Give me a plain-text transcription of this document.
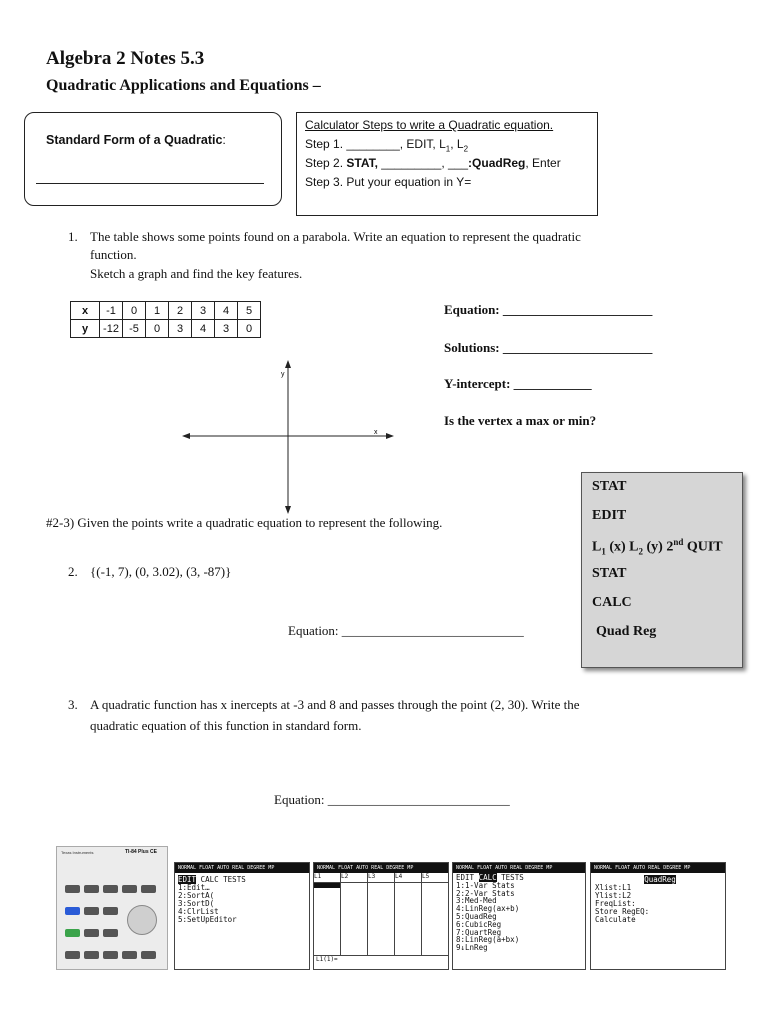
Algebra 2 Notes 5.3
Quadratic Applications and Equations –
Standard Form of a Quadratic:
Calculator Steps to write a Quadratic equation.
Step 1. ________, EDIT, $L_1$, $L_2$
Step 2. STAT, _________, ___:QuadReg, Enter
Step 3. Put your equation in Y=
1. The table shows some points found on a parabola. Write an equation to represent the quadratic
function.
Sketch a graph and find the key features.
x	-1	0	1	2	3	4	5
y	-12	-5	0	3	4	3	0
x
y
Equation: _______________________
Solutions: _______________________
Y-intercept: ____________
Is the vertex a max or min?
#2-3) Given the points write a quadratic equation to represent the following.
2. {(-1, 7), (0, 3.02), (3, -87)}
Equation: ____________________________
STAT
EDIT
$L_1$ (x) $L_2$ (y) 2nd QUIT
STAT
CALC
Quad Reg
3. A quadratic function has x inercepts at -3 and 8 and passes through the point (2, 30). Write the
quadratic equation of this function in standard form.
Equation: ____________________________
Texas Instruments	TI-84 Plus CE
NORMAL FLOAT AUTO REAL DEGREE MP
EDIT CALC TESTS
1:Edit…
2:SortA(
3:SortD(
4:ClrList
5:SetUpEditor
NORMAL FLOAT AUTO REAL DEGREE MP
L1	L2	L3	L4	L5
L1(1)=
NORMAL FLOAT AUTO REAL DEGREE MP
EDIT CALC TESTS
1:1-Var Stats
2:2-Var Stats
3:Med-Med
4:LinReg(ax+b)
5:QuadReg
6:CubicReg
7:QuartReg
8:LinReg(a+bx)
9↓LnReg
NORMAL FLOAT AUTO REAL DEGREE MP
QuadReg
Xlist:L1
Ylist:L2
FreqList:
Store RegEQ:
Calculate
